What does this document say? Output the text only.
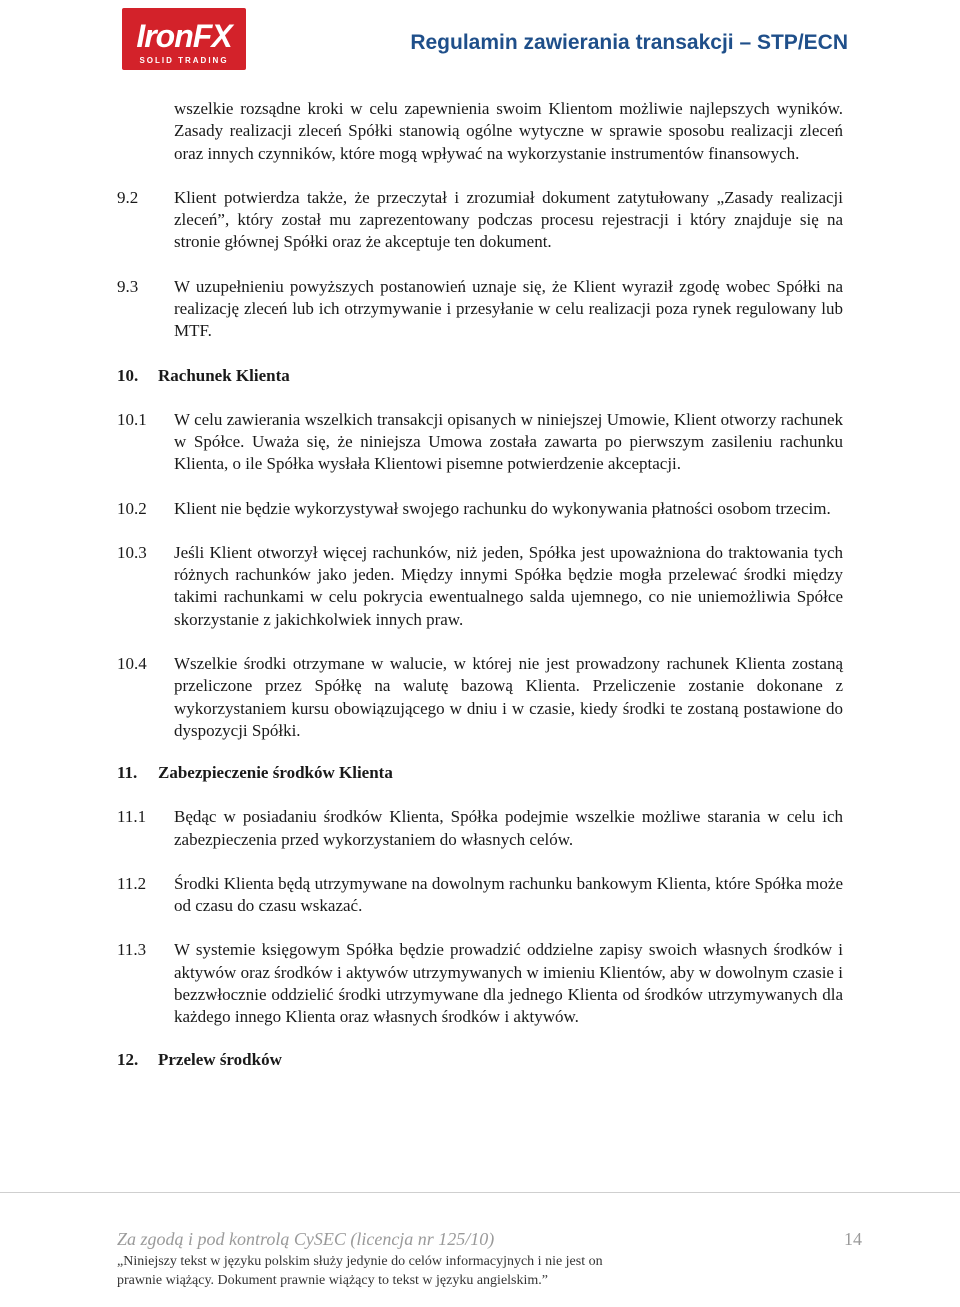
IronFX
SOLID TRADING
Regulamin zawierania transakcji – STP/ECN
wszelkie rozsądne kroki w celu zapewnienia swoim Klientom możliwie najlepszych wyników. Zasady realizacji zleceń Spółki stanowią ogólne wytyczne w sprawie sposobu realizacji zleceń oraz innych czynników, które mogą wpływać na wykorzystanie instrumentów finansowych.
9.2 Klient potwierdza także, że przeczytał i zrozumiał dokument zatytułowany „Zasady realizacji zleceń”, który został mu zaprezentowany podczas procesu rejestracji i który znajduje się na stronie głównej Spółki oraz że akceptuje ten dokument.
9.3 W uzupełnieniu powyższych postanowień uznaje się, że Klient wyraził zgodę wobec Spółki na realizację zleceń lub ich otrzymywanie i przesyłanie w celu realizacji poza rynek regulowany lub MTF.
10. Rachunek Klienta
10.1 W celu zawierania wszelkich transakcji opisanych w niniejszej Umowie, Klient otworzy rachunek w Spółce. Uważa się, że niniejsza Umowa została zawarta po pierwszym zasileniu rachunku Klienta, o ile Spółka wysłała Klientowi pisemne potwierdzenie akceptacji.
10.2 Klient nie będzie wykorzystywał swojego rachunku do wykonywania płatności osobom trzecim.
10.3 Jeśli Klient otworzył więcej rachunków, niż jeden, Spółka jest upoważniona do traktowania tych różnych rachunków jako jeden. Między innymi Spółka będzie mogła przelewać środki między takimi rachunkami w celu pokrycia ewentualnego salda ujemnego, co nie uniemożliwia Spółce skorzystanie z jakichkolwiek innych praw.
10.4 Wszelkie środki otrzymane w walucie, w której nie jest prowadzony rachunek Klienta zostaną przeliczone przez Spółkę na walutę bazową Klienta. Przeliczenie zostanie dokonane z wykorzystaniem kursu obowiązującego w dniu i w czasie, kiedy środki te zostaną postawione do dyspozycji Spółki.
11. Zabezpieczenie środków Klienta
11.1 Będąc w posiadaniu środków Klienta, Spółka podejmie wszelkie możliwe starania w celu ich zabezpieczenia przed wykorzystaniem do własnych celów.
11.2 Środki Klienta będą utrzymywane na dowolnym rachunku bankowym Klienta, które Spółka może od czasu do czasu wskazać.
11.3 W systemie księgowym Spółka będzie prowadzić oddzielne zapisy swoich własnych środków i aktywów oraz środków i aktywów utrzymywanych w imieniu Klientów, aby w dowolnym czasie i bezzwłocznie oddzielić środki utrzymywane dla jednego Klienta od środków utrzymywanych dla każdego innego Klienta oraz własnych środków i aktywów.
12. Przelew środków
Za zgodą i pod kontrolą CySEC (licencja nr 125/10)	14
„Niniejszy tekst w języku polskim służy jedynie do celów informacyjnych i nie jest on prawnie wiążący. Dokument prawnie wiążący to tekst w języku angielskim.”
